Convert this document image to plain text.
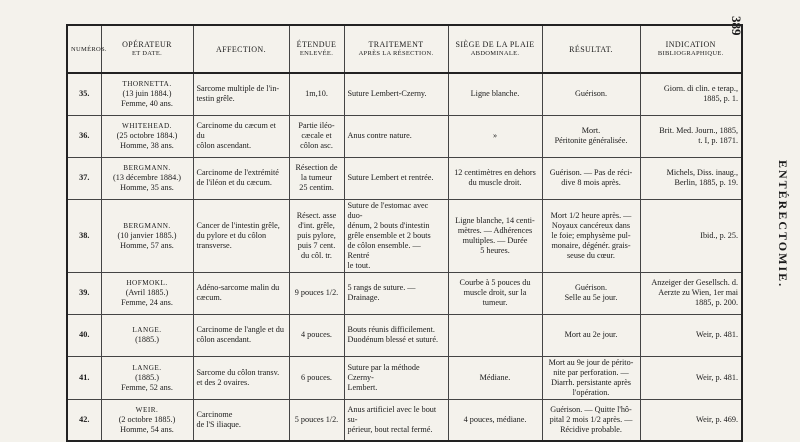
389
ENTÉRECTOMIE.
NUMÉROS.	OPÉRATEUR
ET DATE.	AFFECTION.	ÉTENDUE
ENLEVÉE.	TRAITEMENT
APRÈS LA RÉSECTION.	SIÈGE DE LA PLAIE
ABDOMINALE.	RÉSULTAT.	INDICATION
BIBLIOGRAPHIQUE.

35.	THORNETTA.
(13 juin 1884.)
Femme, 40 ans.	Sarcome multiple de l'in-
testin grêle.	1m,10.	Suture Lembert-Czerny.	Ligne blanche.	Guérison.	Giorn. di clin. e terap.,
1885, p. 1.

36.	WHITEHEAD.
(25 octobre 1884.)
Homme, 38 ans.	Carcinome du cæcum et du
côlon ascendant.	Partie iléo-
cæcale et
côlon asc.	Anus contre nature.	»	Mort.
Péritonite généralisée.	Brit. Med. Journ., 1885,
t. I, p. 1871.

37.	BERGMANN.
(13 décembre 1884.)
Homme, 35 ans.	Carcinome de l'extrémité
de l'iléon et du cæcum.	Résection de
la tumeur
25 centim.	Suture Lembert et rentrée.	12 centimètres en dehors
du muscle droit.	Guérison. — Pas de réci-
dive 8 mois après.	Michels, Diss. inaug.,
Berlin, 1885, p. 19.

38.	BERGMANN.
(10 janvier 1885.)
Homme, 57 ans.	Cancer de l'intestin grêle,
du pylore et du côlon
transverse.	Résect. asse
d'int. grêle,
puis pylore,
puis 7 cent.
du côl. tr.	Suture de l'estomac avec duo-
dénum, 2 bouts d'intestin
grêle ensemble et 2 bouts
de côlon ensemble. — Rentré
le tout.	Ligne blanche, 14 centi-
mètres. — Adhérences
multiples. — Durée
5 heures.	Mort 1/2 heure après. —
Noyaux cancéreux dans
le foie; emphysème pul-
monaire, dégénér. grais-
seuse du cœur.	Ibid., p. 25.

39.	HOFMOKL.
(Avril 1885.)
Femme, 24 ans.	Adéno-sarcome malin du
cæcum.	9 pouces 1/2.	5 rangs de suture. — Drainage.	Courbe à 5 pouces du
muscle droit, sur la
tumeur.	Guérison.
Selle au 5e jour.	Anzeiger der Gesellsch. d.
Aerzte zu Wien, 1er mai
1885, p. 200.

40.	LANGE.
(1885.)	Carcinome de l'angle et du
côlon ascendant.	4 pouces.	Bouts réunis difficilement.
Duodénum blessé et suturé.		Mort au 2e jour.	Weir, p. 481.

41.	LANGE.
(1885.)
Femme, 52 ans.	Sarcome du côlon transv.
et des 2 ovaires.	6 pouces.	Suture par la méthode Czerny-
Lembert.	Médiane.	Mort au 9e jour de périto-
nite par perforation. —
Diarrh. persistante après
l'opération.	Weir, p. 481.

42.	WEIR.
(2 octobre 1885.)
Homme, 54 ans.	Carcinome
de l'S iliaque.	5 pouces 1/2.	Anus artificiel avec le bout su-
périeur, bout rectal fermé.	4 pouces, médiane.	Guérison. — Quitte l'hô-
pital 2 mois 1/2 après. —
Récidive probable.	Weir, p. 469.
